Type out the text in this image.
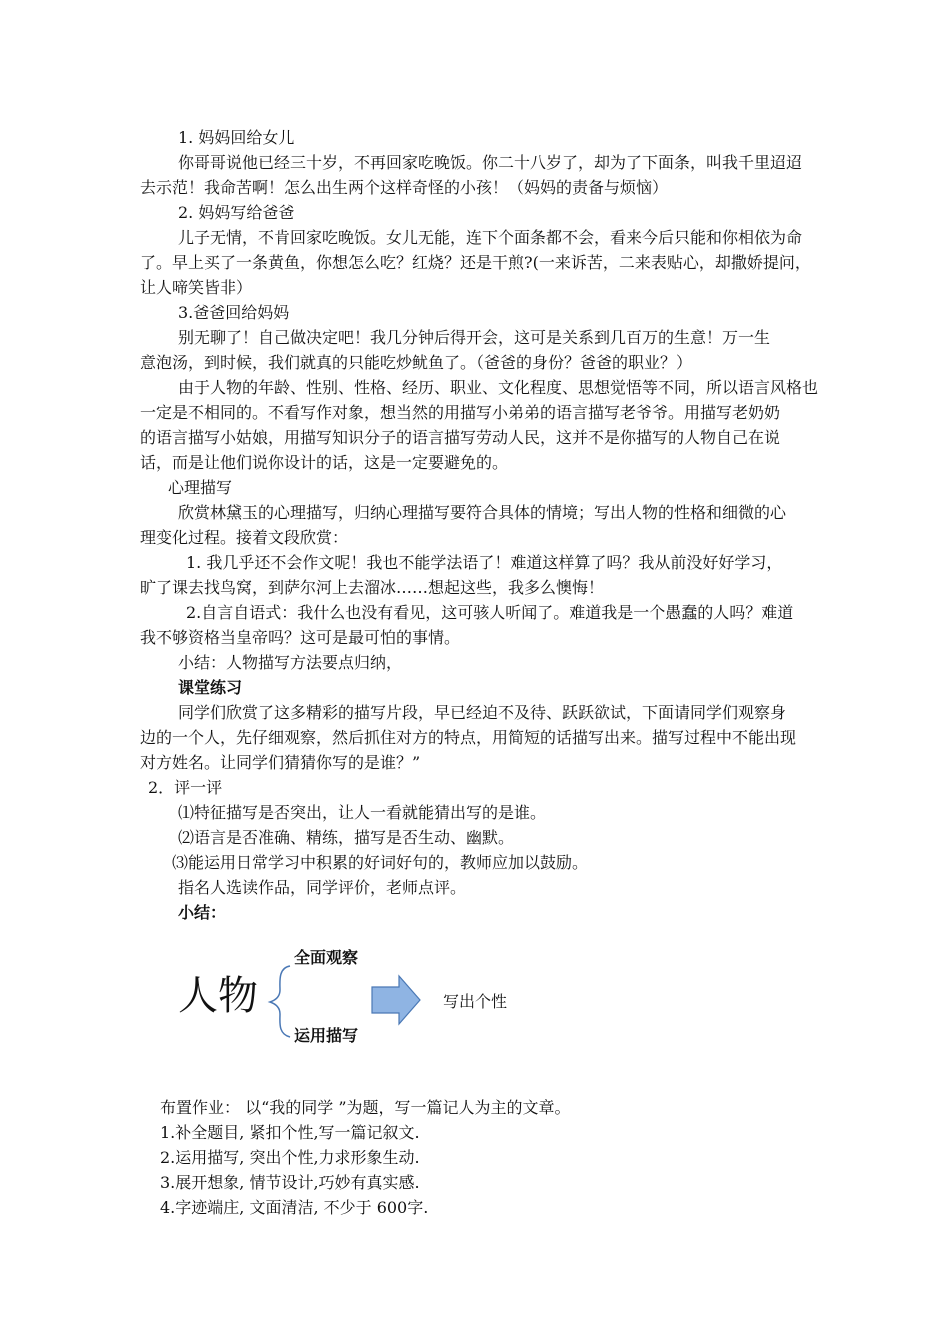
1. 妈妈回给女儿
你哥哥说他已经三十岁，不再回家吃晚饭。你二十八岁了，却为了下面条，叫我千里迢迢
去示范！我命苦啊！怎么出生两个这样奇怪的小孩！（妈妈的责备与烦恼）
2. 妈妈写给爸爸
儿子无情，不肯回家吃晚饭。女儿无能，连下个面条都不会，看来今后只能和你相依为命
了。早上买了一条黄鱼，你想怎么吃？红烧？还是干煎?(一来诉苦，二来表贴心，却撒娇提问，
让人啼笑皆非）
3.爸爸回给妈妈
别无聊了！自己做决定吧！我几分钟后得开会，这可是关系到几百万的生意！万一生
意泡汤，到时候，我们就真的只能吃炒鱿鱼了。（爸爸的身份？爸爸的职业？）
由于人物的年龄、性别、性格、经历、职业、文化程度、思想觉悟等不同，所以语言风格也
一定是不相同的。不看写作对象，想当然的用描写小弟弟的语言描写老爷爷。用描写老奶奶
的语言描写小姑娘，用描写知识分子的语言描写劳动人民，这并不是你描写的人物自己在说
话，而是让他们说你设计的话，这是一定要避免的。
心理描写
欣赏林黛玉的心理描写，归纳心理描写要符合具体的情境；写出人物的性格和细微的心
理变化过程。接着文段欣赏：
1. 我几乎还不会作文呢！我也不能学法语了！难道这样算了吗？我从前没好好学习，
旷了课去找鸟窝，到萨尔河上去溜冰……想起这些，我多么懊悔！
2.自言自语式：我什么也没有看见，这可骇人听闻了。难道我是一个愚蠢的人吗？难道
我不够资格当皇帝吗？这可是最可怕的事情。
小结：人物描写方法要点归纳，
课堂练习
同学们欣赏了这多精彩的描写片段，早已经迫不及待、跃跃欲试，下面请同学们观察身
边的一个人，先仔细观察，然后抓住对方的特点，用简短的话描写出来。描写过程中不能出现
对方姓名。让同学们猜猜你写的是谁？”
2．评一评
⑴特征描写是否突出，让人一看就能猜出写的是谁。
⑵语言是否准确、精练，描写是否生动、幽默。
⑶能运用日常学习中积累的好词好句的，教师应加以鼓励。
指名人选读作品，同学评价，老师点评。
小结：
人物
全面观察
运用描写
写出个性
布置作业： 以“我的同学 ”为题，写一篇记人为主的文章。
1.补全题目, 紧扣个性,写一篇记叙文.
2.运用描写, 突出个性,力求形象生动.
3.展开想象, 情节设计,巧妙有真实感.
4.字迹端庄, 文面清洁, 不少于 600字.
